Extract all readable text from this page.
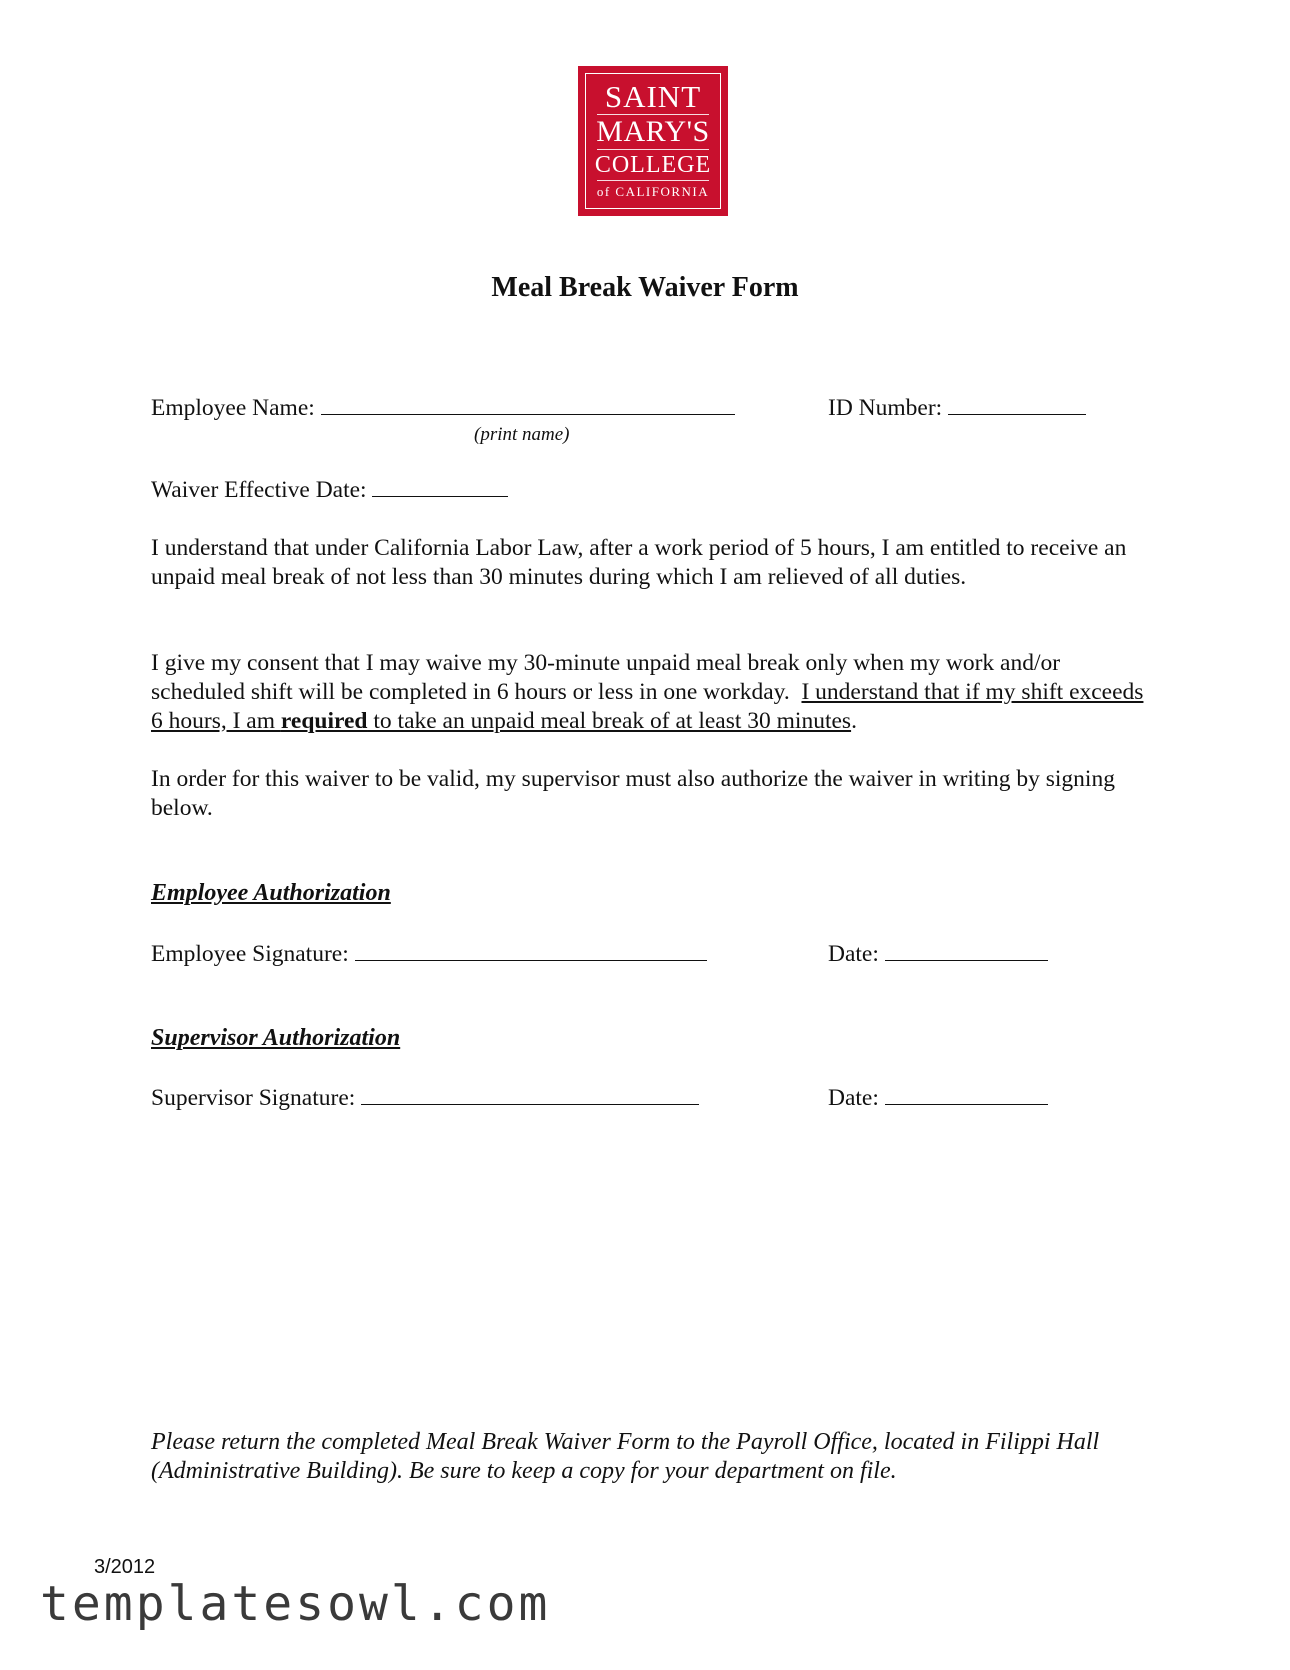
SAINT
MARY'S
COLLEGE
of CALIFORNIA
Meal Break Waiver Form
Employee Name:
(print name)
ID Number:
Waiver Effective Date:
I understand that under California Labor Law, after a work period of 5 hours, I am entitled to receive an unpaid meal break of not less than 30 minutes during which I am relieved of all duties.
I give my consent that I may waive my 30-minute unpaid meal break only when my work and/or scheduled shift will be completed in 6 hours or less in one workday. I understand that if my shift exceeds 6 hours, I am required to take an unpaid meal break of at least 30 minutes.
In order for this waiver to be valid, my supervisor must also authorize the waiver in writing by signing below.
Employee Authorization
Employee Signature:	Date:
Supervisor Authorization
Supervisor Signature:	Date:
Please return the completed Meal Break Waiver Form to the Payroll Office, located in Filippi Hall (Administrative Building). Be sure to keep a copy for your department on file.
3/2012
templatesowl.com
